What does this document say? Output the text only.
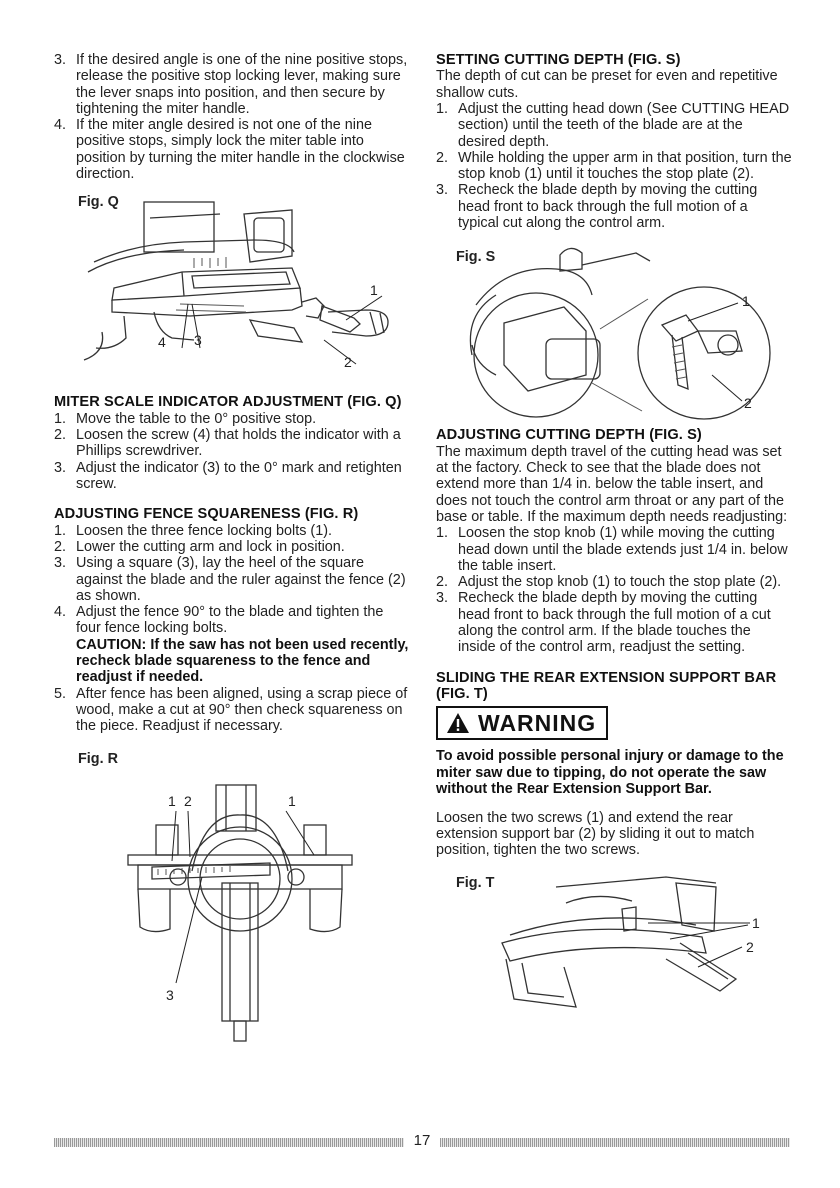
3. If the desired angle is one of the nine positive stops, release the positive stop locking lever, making sure the lever snaps into position, and then secure by tightening the miter handle.
4. If the miter angle desired is not one of the nine positive stops, simply lock the miter table into position by turning the miter handle in the clockwise direction.
Fig. Q
1
2
3
4
MITER SCALE INDICATOR ADJUSTMENT (FIG. Q)
1. Move the table to the 0° positive stop.
2. Loosen the screw (4) that holds the indicator with a Phillips screwdriver.
3. Adjust the indicator (3) to the 0° mark and retighten screw.
ADJUSTING FENCE SQUARENESS (FIG. R)
1. Loosen the three fence locking bolts (1).
2. Lower the cutting arm and lock in position.
3. Using a square (3), lay the heel of the square against the blade and the ruler against the fence (2) as shown.
4. Adjust the fence 90° to the blade and tighten the four fence locking bolts.
CAUTION: If the saw has not been used recently, recheck blade squareness to the fence and readjust if needed.
5. After fence has been aligned, using a scrap piece of wood, make a cut at 90° then check squareness on the piece. Readjust if necessary.
Fig. R
1 2	1
3
SETTING CUTTING DEPTH (FIG. S)

The depth of cut can be preset for even and repetitive shallow cuts.

1. Adjust the cutting head down (See CUTTING HEAD section) until the teeth of the blade are at the desired depth.
2. While holding the upper arm in that position, turn the stop knob (1) until it touches the stop plate (2).
3. Recheck the blade depth by moving the cutting head front to back through the full motion of a typical cut along the control arm.
Fig. S
1
2
ADJUSTING CUTTING DEPTH (FIG. S)

The maximum depth travel of the cutting head was set at the factory. Check to see that the blade does not extend more than 1/4 in. below the table insert, and does not touch the control arm throat or any part of the base or table. If the maximum depth needs readjusting:

1. Loosen the stop knob (1) while moving the cutting head down until the blade extends just 1/4 in. below the table insert.
2. Adjust the stop knob (1) to touch the stop plate (2).
3. Recheck the blade depth by moving the cutting head front to back through the full motion of a cut along the control arm. If the blade touches the inside of the control arm, readjust the setting.
SLIDING THE REAR EXTENSION SUPPORT BAR (FIG. T)
WARNING

To avoid possible personal injury or damage to the miter saw due to tipping, do not operate the saw without the Rear Extension Support Bar.

Loosen the two screws (1) and extend the rear extension support bar (2) by sliding it out to match position, tighten the two screws.

Fig. T
1
2
17
